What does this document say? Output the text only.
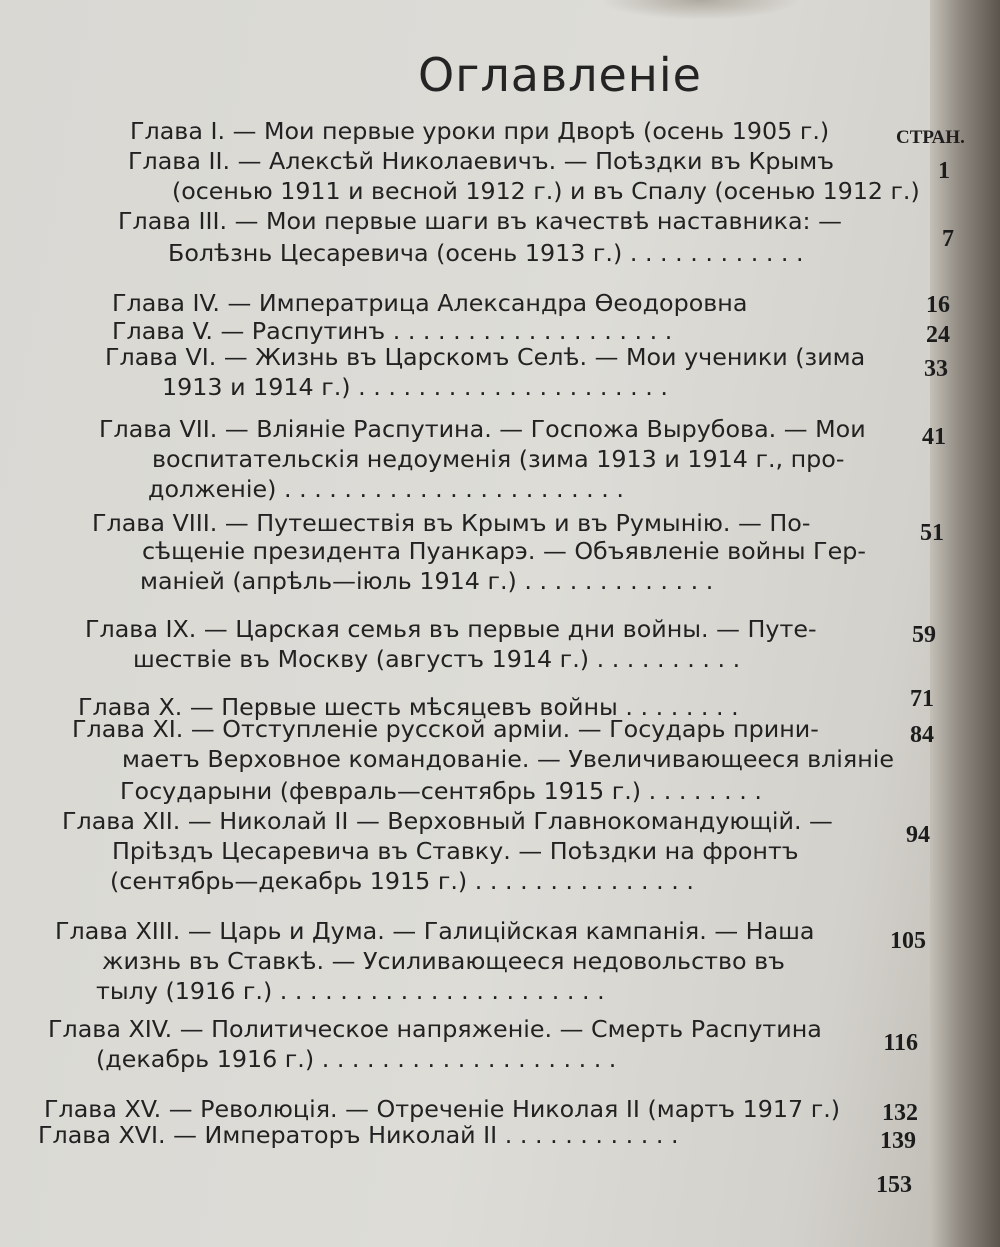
Оглавленіе
СТРАН.
Глава I. — Мои первые уроки при Дворѣ (осень 1905 г.)
1
Глава II. — Алексѣй Николаевичъ. — Поѣздки въ Крымъ
(осенью 1911 и весной 1912 г.) и въ Спалу (осенью 1912 г.)
7
Глава III. — Мои первые шаги въ качествѣ наставника: —
Болѣзнь Цесаревича (осень 1913 г.) . . . . . . . . . . . .
16
Глава IV. — Императрица Александра Ѳеодоровна
24
Глава V. — Распутинъ . . . . . . . . . . . . . . . . . . .
33
Глава VI. — Жизнь въ Царскомъ Селѣ. — Мои ученики (зима
1913 и 1914 г.) . . . . . . . . . . . . . . . . . . . . .
41
Глава VII. — Вліяніе Распутина. — Госпожа Вырубова. — Мои
воспитательскія недоуменія (зима 1913 и 1914 г., про-
долженіе) . . . . . . . . . . . . . . . . . . . . . . .
51
Глава VIII. — Путешествія въ Крымъ и въ Румынію. — По-
сѣщеніе президента Пуанкарэ. — Объявленіе войны Гер-
маніей (апрѣль—іюль 1914 г.) . . . . . . . . . . . . .
59
Глава IX. — Царская семья въ первые дни войны. — Путе-
шествіе въ Москву (августъ 1914 г.) . . . . . . . . . .
71
Глава X. — Первые шесть мѣсяцевъ войны . . . . . . . .
84
Глава XI. — Отступленіе русской арміи. — Государь прини-
маетъ Верховное командованіе. — Увеличивающееся вліяніе
Государыни (февраль—сентябрь 1915 г.) . . . . . . . .
94
Глава XII. — Николай II — Верховный Главнокомандующій. —
Пріѣздъ Цесаревича въ Ставку. — Поѣздки на фронтъ
(сентябрь—декабрь 1915 г.) . . . . . . . . . . . . . . .
105
Глава XIII. — Царь и Дума. — Галиційская кампанія. — Наша
жизнь въ Ставкѣ. — Усиливающееся недовольство въ
тылу (1916 г.) . . . . . . . . . . . . . . . . . . . . . .
116
Глава XIV. — Политическое напряженіе. — Смерть Распутина
(декабрь 1916 г.) . . . . . . . . . . . . . . . . . . . .
132
Глава XV. — Революція. — Отреченіе Николая II (мартъ 1917 г.)
139
Глава XVI. — Императоръ Николай II . . . . . . . . . . . .
153
